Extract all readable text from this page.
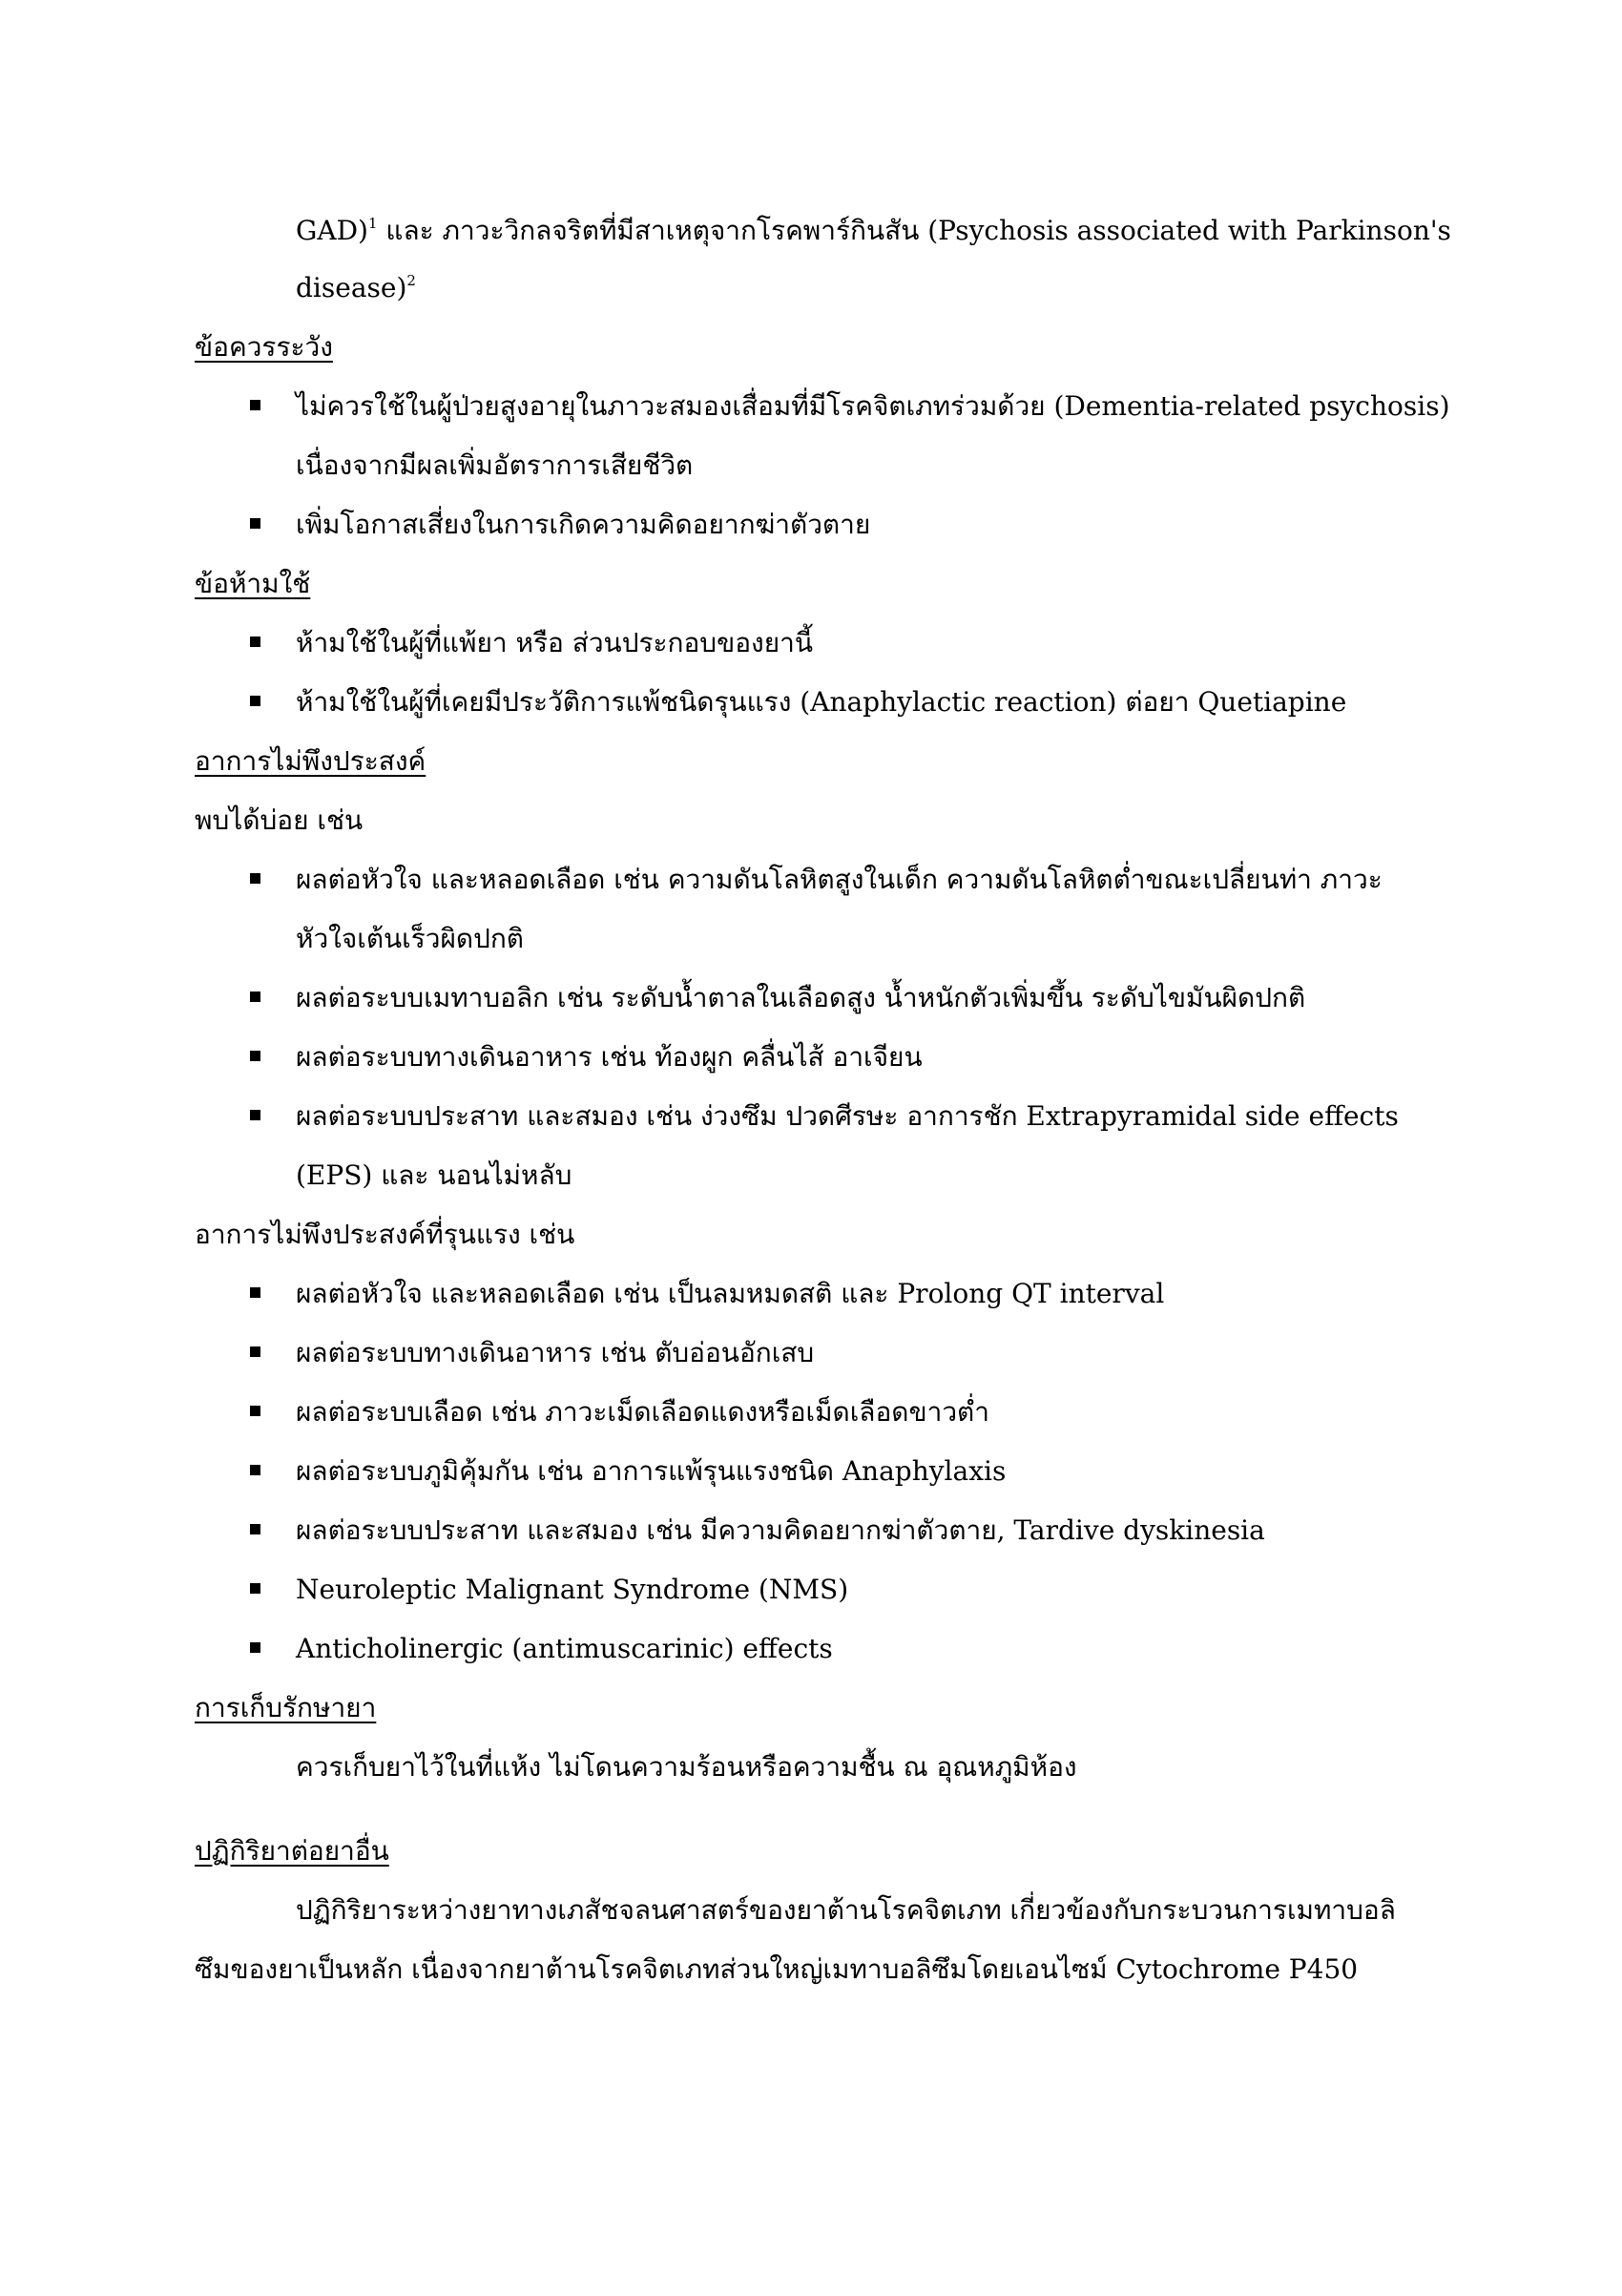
GAD)$^1$ และ ภาวะวิกลจริตที่มีสาเหตุจากโรคพาร์กินสัน (Psychosis associated with Parkinson's
disease)$^2$
ข้อควรระวัง
ไม่ควรใช้ในผู้ป่วยสูงอายุในภาวะสมองเสื่อมที่มีโรคจิตเภทร่วมด้วย (Dementia-related psychosis)
เนื่องจากมีผลเพิ่มอัตราการเสียชีวิต
เพิ่มโอกาสเสี่ยงในการเกิดความคิดอยากฆ่าตัวตาย
ข้อห้ามใช้
ห้ามใช้ในผู้ที่แพ้ยา หรือ ส่วนประกอบของยานี้
ห้ามใช้ในผู้ที่เคยมีประวัติการแพ้ชนิดรุนแรง (Anaphylactic reaction) ต่อยา Quetiapine
อาการไม่พึงประสงค์
พบได้บ่อย เช่น
ผลต่อหัวใจ และหลอดเลือด เช่น ความดันโลหิตสูงในเด็ก ความดันโลหิตต่ำขณะเปลี่ยนท่า ภาวะ
หัวใจเต้นเร็วผิดปกติ
ผลต่อระบบเมทาบอลิก เช่น ระดับน้ำตาลในเลือดสูง น้ำหนักตัวเพิ่มขึ้น ระดับไขมันผิดปกติ
ผลต่อระบบทางเดินอาหาร เช่น ท้องผูก คลื่นไส้ อาเจียน
ผลต่อระบบประสาท และสมอง เช่น ง่วงซึม ปวดศีรษะ อาการชัก Extrapyramidal side effects
(EPS) และ นอนไม่หลับ
อาการไม่พึงประสงค์ที่รุนแรง เช่น
ผลต่อหัวใจ และหลอดเลือด เช่น เป็นลมหมดสติ และ Prolong QT interval
ผลต่อระบบทางเดินอาหาร เช่น ตับอ่อนอักเสบ
ผลต่อระบบเลือด เช่น ภาวะเม็ดเลือดแดงหรือเม็ดเลือดขาวต่ำ
ผลต่อระบบภูมิคุ้มกัน เช่น อาการแพ้รุนแรงชนิด Anaphylaxis
ผลต่อระบบประสาท และสมอง เช่น มีความคิดอยากฆ่าตัวตาย, Tardive dyskinesia
Neuroleptic Malignant Syndrome (NMS)
Anticholinergic (antimuscarinic) effects
การเก็บรักษายา
ควรเก็บยาไว้ในที่แห้ง ไม่โดนความร้อนหรือความชื้น ณ อุณหภูมิห้อง
ปฏิกิริยาต่อยาอื่น
ปฏิกิริยาระหว่างยาทางเภสัชจลนศาสตร์ของยาต้านโรคจิตเภท เกี่ยวข้องกับกระบวนการเมทาบอลิ
ซึมของยาเป็นหลัก เนื่องจากยาต้านโรคจิตเภทส่วนใหญ่เมทาบอลิซึมโดยเอนไซม์ Cytochrome P450
